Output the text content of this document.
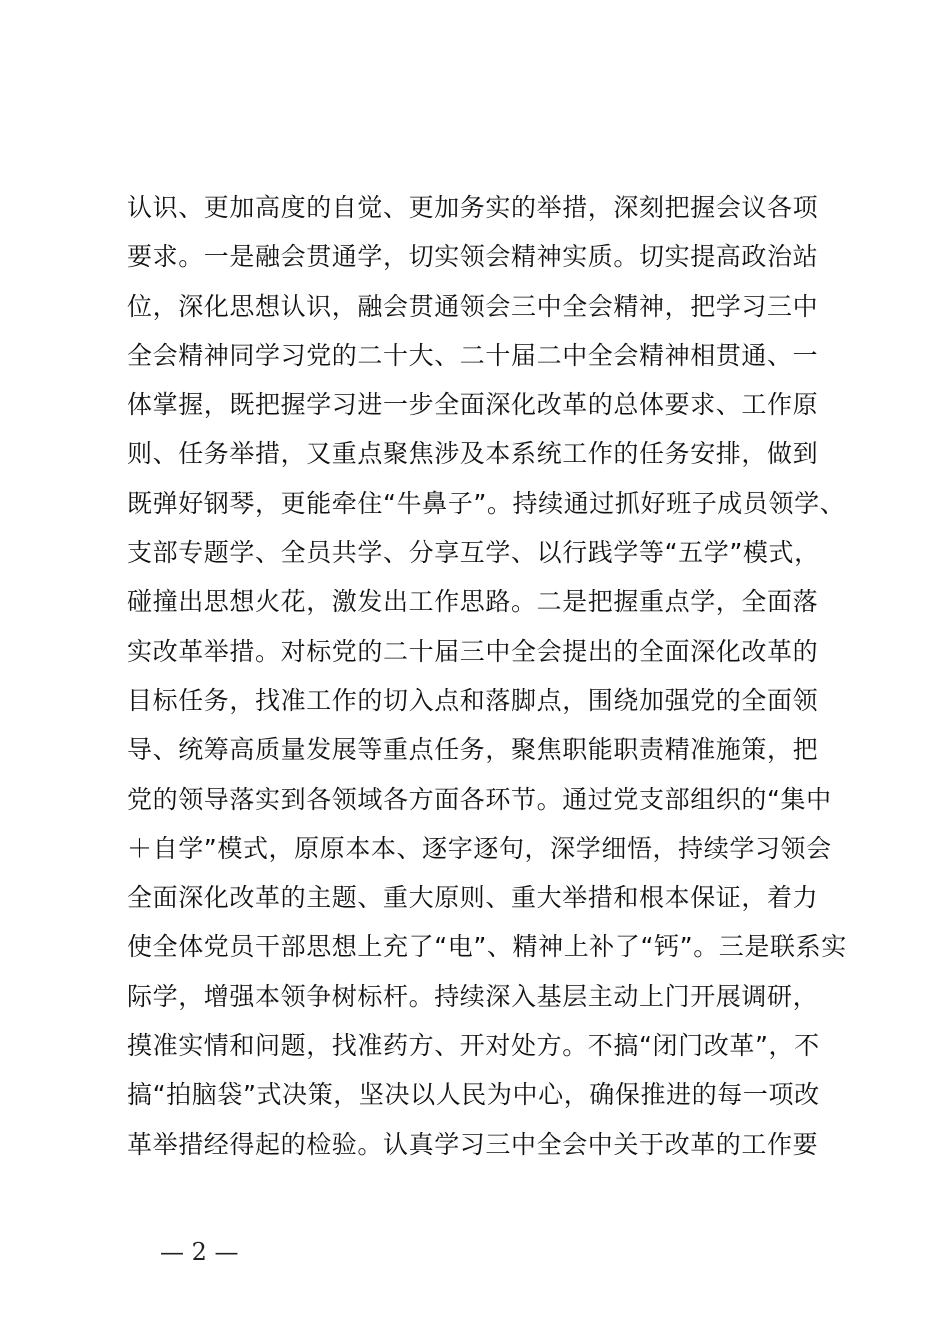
认识、更加高度的自觉、更加务实的举措，深刻把握会议各项
要求。一是融会贯通学，切实领会精神实质。切实提高政治站
位，深化思想认识，融会贯通领会三中全会精神，把学习三中
全会精神同学习党的二十大、二十届二中全会精神相贯通、一
体掌握，既把握学习进一步全面深化改革的总体要求、工作原
则、任务举措，又重点聚焦涉及本系统工作的任务安排，做到
既弹好钢琴，更能牵住“牛鼻子”。持续通过抓好班子成员领学、
支部专题学、全员共学、分享互学、以行践学等“五学”模式，
碰撞出思想火花，激发出工作思路。二是把握重点学，全面落
实改革举措。对标党的二十届三中全会提出的全面深化改革的
目标任务，找准工作的切入点和落脚点，围绕加强党的全面领
导、统筹高质量发展等重点任务，聚焦职能职责精准施策，把
党的领导落实到各领域各方面各环节。通过党支部组织的“集中
＋自学”模式，原原本本、逐字逐句，深学细悟，持续学习领会
全面深化改革的主题、重大原则、重大举措和根本保证，着力
使全体党员干部思想上充了“电”、精神上补了“钙”。三是联系实
际学，增强本领争树标杆。持续深入基层主动上门开展调研，
摸准实情和问题，找准药方、开对处方。不搞“闭门改革”，不
搞“拍脑袋”式决策，坚决以人民为中心，确保推进的每一项改
革举措经得起的检验。认真学习三中全会中关于改革的工作要
— 2 —
